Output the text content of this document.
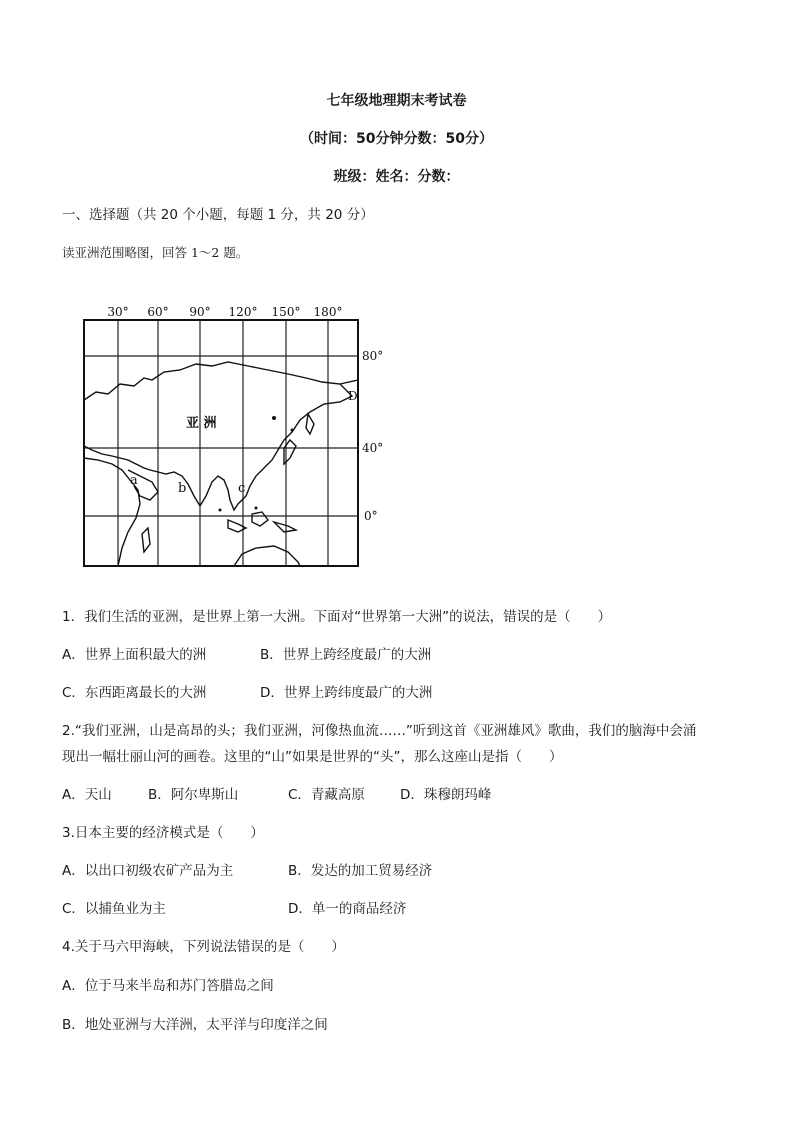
七年级地理期末考试卷
（时间：50分钟分数：50分）
班级：姓名：分数：
一、选择题（共 20 个小题，每题 1 分，共 20 分）
读亚洲范围略图，回答 1～2 题。
30° 60° 90° 120° 150° 180°
80°
40°
0°
亚 洲
a
b	c
D
1．我们生活的亚洲，是世界上第一大洲。下面对“世界第一大洲”的说法，错误的是（　　）
A．世界上面积最大的洲	B．世界上跨经度最广的大洲
C．东西距离最长的大洲	D．世界上跨纬度最广的大洲
2.“我们亚洲，山是高昂的头；我们亚洲，河像热血流……”听到这首《亚洲雄风》歌曲，我们的脑海中会涌
现出一幅壮丽山河的画卷。这里的“山”如果是世界的“头”，那么这座山是指（　　）
A．天山	B．阿尔卑斯山	C．青藏高原	D．珠穆朗玛峰
3.日本主要的经济模式是（　　）
A．以出口初级农矿产品为主	B．发达的加工贸易经济
C．以捕鱼业为主	D．单一的商品经济
4.关于马六甲海峡，下列说法错误的是（　　）
A．位于马来半岛和苏门答腊岛之间
B．地处亚洲与大洋洲，太平洋与印度洋之间
